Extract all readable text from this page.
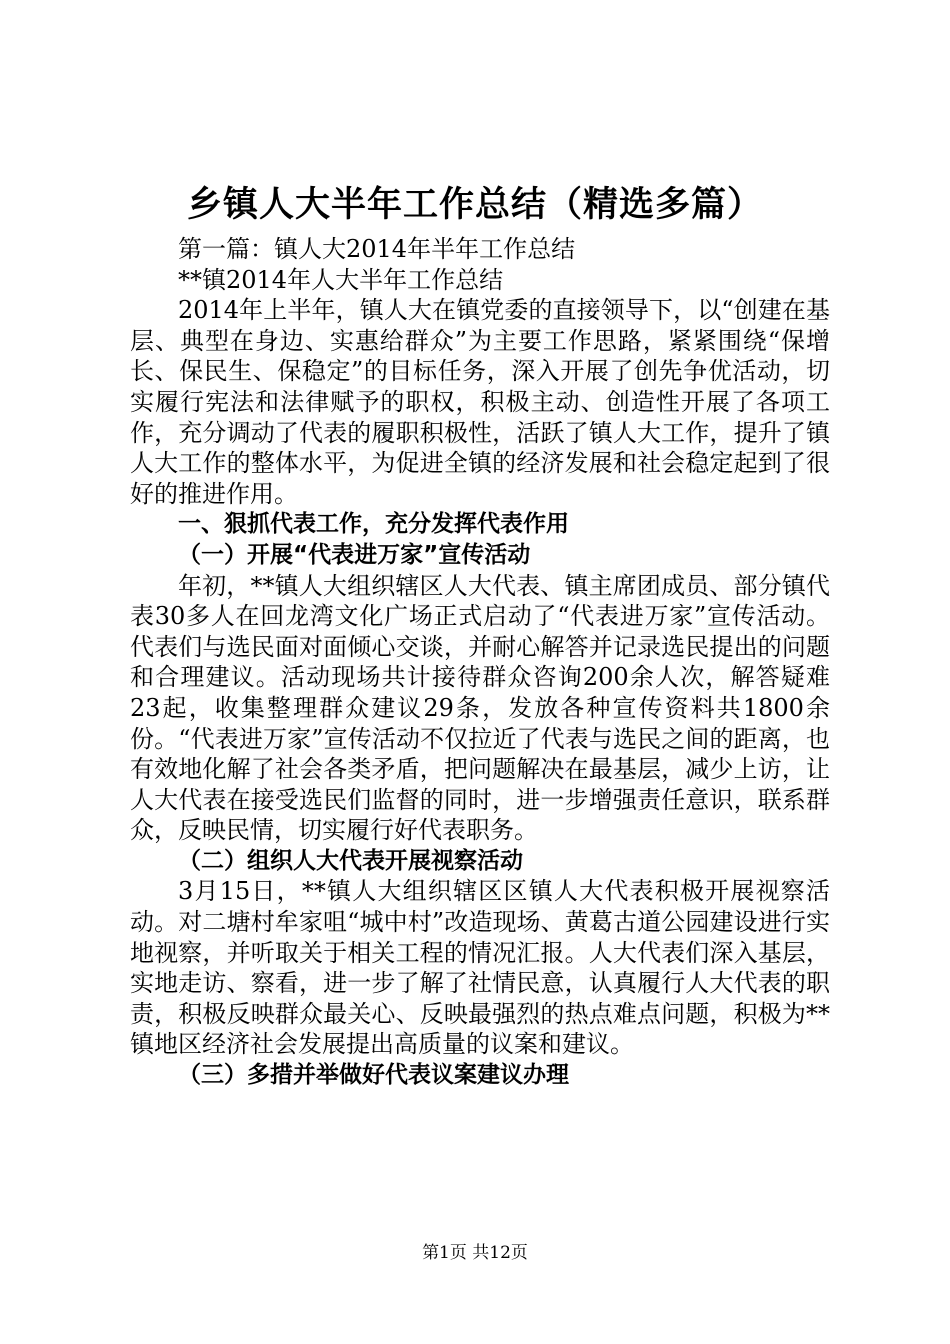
乡镇人大半年工作总结（精选多篇）

第一篇：镇人大2014年半年工作总结

**镇2014年人大半年工作总结

2014年上半年，镇人大在镇党委的直接领导下，以“创建在基层、典型在身边、实惠给群众”为主要工作思路，紧紧围绕“保增长、保民生、保稳定”的目标任务，深入开展了创先争优活动，切实履行宪法和法律赋予的职权，积极主动、创造性开展了各项工作，充分调动了代表的履职积极性，活跃了镇人大工作，提升了镇人大工作的整体水平，为促进全镇的经济发展和社会稳定起到了很好的推进作用。

一、狠抓代表工作，充分发挥代表作用

（一）开展“代表进万家”宣传活动

年初，**镇人大组织辖区人大代表、镇主席团成员、部分镇代表30多人在回龙湾文化广场正式启动了“代表进万家”宣传活动。代表们与选民面对面倾心交谈，并耐心解答并记录选民提出的问题和合理建议。活动现场共计接待群众咨询200余人次，解答疑难23起，收集整理群众建议29条，发放各种宣传资料共1800余份。“代表进万家”宣传活动不仅拉近了代表与选民之间的距离，也有效地化解了社会各类矛盾，把问题解决在最基层，减少上访，让人大代表在接受选民们监督的同时，进一步增强责任意识，联系群众，反映民情，切实履行好代表职务。

（二）组织人大代表开展视察活动

3月15日，**镇人大组织辖区区镇人大代表积极开展视察活动。对二塘村牟家咀“城中村”改造现场、黄葛古道公园建设进行实地视察，并听取关于相关工程的情况汇报。人大代表们深入基层，实地走访、察看，进一步了解了社情民意，认真履行人大代表的职责，积极反映群众最关心、反映最强烈的热点难点问题，积极为**镇地区经济社会发展提出高质量的议案和建议。

（三）多措并举做好代表议案建议办理

第1页 共12页
